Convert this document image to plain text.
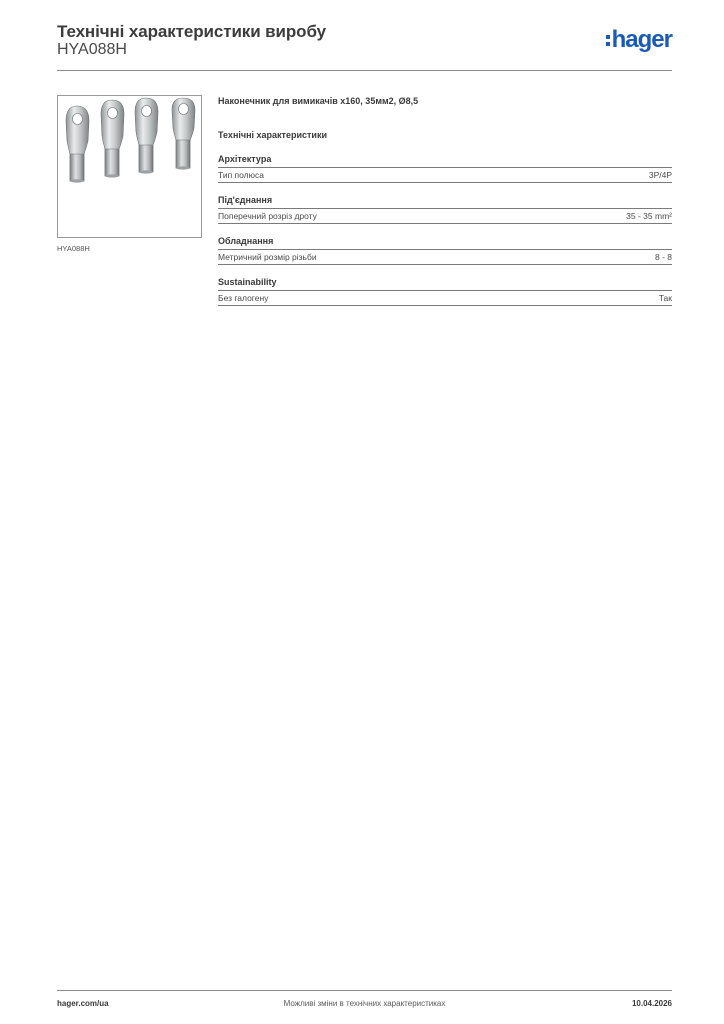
Технічні характеристики виробу
HYA088H	hager
HYA088H
Наконечник для вимикачів x160, 35мм2, Ø8,5
Технічні характеристики
Архітектура
Тип полюса	3P/4P
Під'єднання
Поперечний розріз дроту	35 - 35 mm²
Обладнання
Метричний розмір різьби	8 - 8
Sustainability
Без галогену	Так
hager.com/ua	Можливі зміни в технічних характеристиках	10.04.2026
